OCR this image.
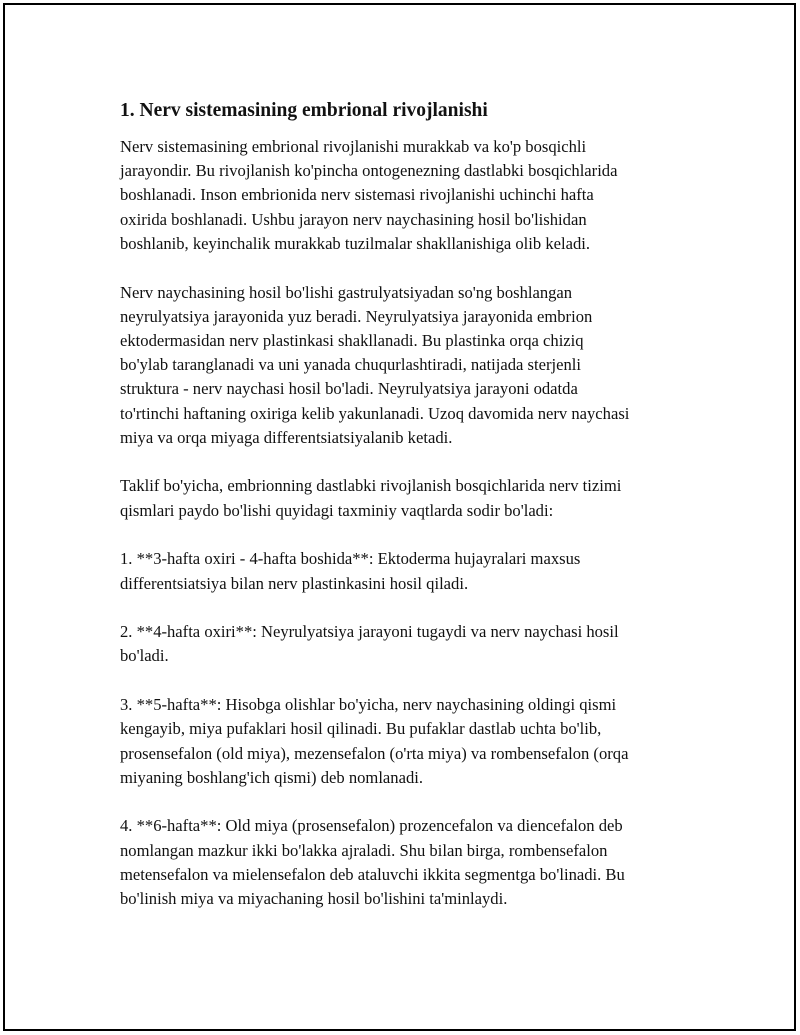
1. Nerv sistemasining embrional rivojlanishi

Nerv sistemasining embrional rivojlanishi murakkab va ko'p bosqichli
jarayondir. Bu rivojlanish ko'pincha ontogenezning dastlabki bosqichlarida
boshlanadi. Inson embrionida nerv sistemasi rivojlanishi uchinchi hafta
oxirida boshlanadi. Ushbu jarayon nerv naychasining hosil bo'lishidan
boshlanib, keyinchalik murakkab tuzilmalar shakllanishiga olib keladi.

Nerv naychasining hosil bo'lishi gastrulyatsiyadan so'ng boshlangan
neyrulyatsiya jarayonida yuz beradi. Neyrulyatsiya jarayonida embrion
ektodermasidan nerv plastinkasi shakllanadi. Bu plastinka orqa chiziq
bo'ylab taranglanadi va uni yanada chuqurlashtiradi, natijada sterjenli
struktura - nerv naychasi hosil bo'ladi. Neyrulyatsiya jarayoni odatda
to'rtinchi haftaning oxiriga kelib yakunlanadi. Uzoq davomida nerv naychasi
miya va orqa miyaga differentsiatsiyalanib ketadi.

Taklif bo'yicha, embrionning dastlabki rivojlanish bosqichlarida nerv tizimi
qismlari paydo bo'lishi quyidagi taxminiy vaqtlarda sodir bo'ladi:

1. **3-hafta oxiri - 4-hafta boshida**: Ektoderma hujayralari maxsus
differentsiatsiya bilan nerv plastinkasini hosil qiladi.

2. **4-hafta oxiri**: Neyrulyatsiya jarayoni tugaydi va nerv naychasi hosil
bo'ladi.

3. **5-hafta**: Hisobga olishlar bo'yicha, nerv naychasining oldingi qismi
kengayib, miya pufaklari hosil qilinadi. Bu pufaklar dastlab uchta bo'lib,
prosensefalon (old miya), mezensefalon (o'rta miya) va rombensefalon (orqa
miyaning boshlang'ich qismi) deb nomlanadi.

4. **6-hafta**: Old miya (prosensefalon) prozencefalon va diencefalon deb
nomlangan mazkur ikki bo'lakka ajraladi. Shu bilan birga, rombensefalon
metensefalon va mielensefalon deb ataluvchi ikkita segmentga bo'linadi. Bu
bo'linish miya va miyachaning hosil bo'lishini ta'minlaydi.
